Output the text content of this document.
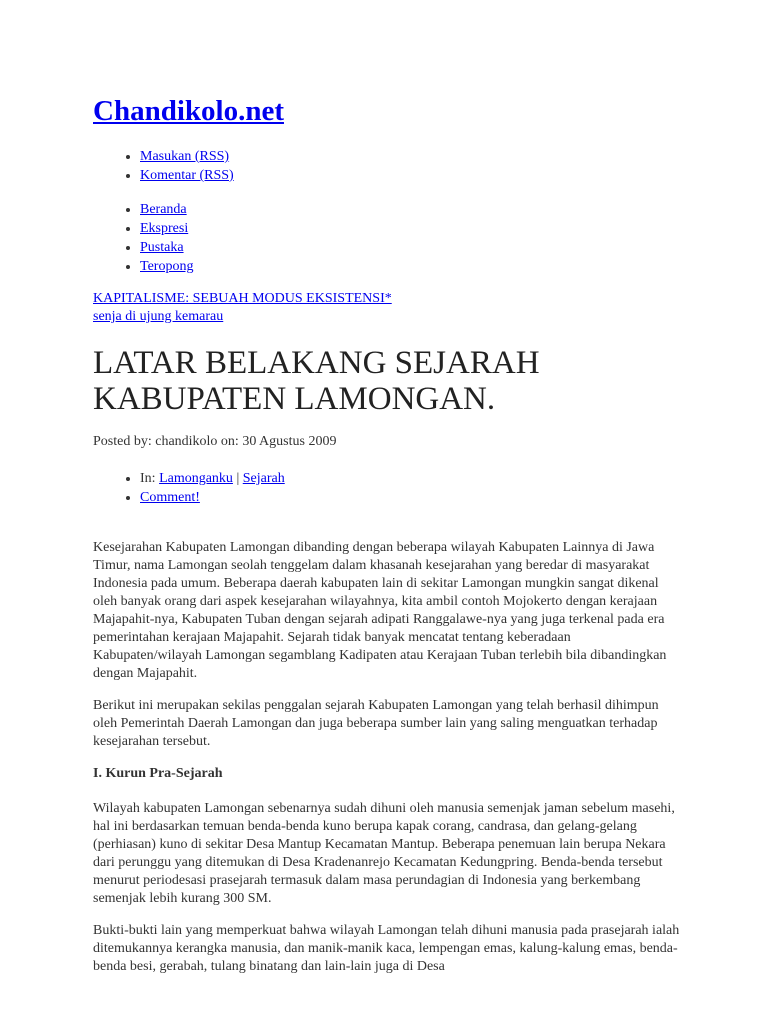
Chandikolo.net
• Masukan (RSS)
• Komentar (RSS)
• Beranda
• Ekspresi
• Pustaka
• Teropong
KAPITALISME: SEBUAH MODUS EKSISTENSI*
senja di ujung kemarau
LATAR BELAKANG SEJARAH
KABUPATEN LAMONGAN.
Posted by: chandikolo on: 30 Agustus 2009
• In: Lamonganku | Sejarah
• Comment!

Kesejarahan Kabupaten Lamongan dibanding dengan beberapa wilayah Kabupaten Lainnya di Jawa Timur, nama Lamongan seolah tenggelam dalam khasanah kesejarahan yang beredar di masyarakat Indonesia pada umum. Beberapa daerah kabupaten lain di sekitar Lamongan mungkin sangat dikenal oleh banyak orang dari aspek kesejarahan wilayahnya, kita ambil contoh Mojokerto dengan kerajaan Majapahit-nya, Kabupaten Tuban dengan sejarah adipati Ranggalawe-nya yang juga terkenal pada era pemerintahan kerajaan Majapahit. Sejarah tidak banyak mencatat tentang keberadaan Kabupaten/wilayah Lamongan segamblang Kadipaten atau Kerajaan Tuban terlebih bila dibandingkan dengan Majapahit.

Berikut ini merupakan sekilas penggalan sejarah Kabupaten Lamongan yang telah berhasil dihimpun oleh Pemerintah Daerah Lamongan dan juga beberapa sumber lain yang saling menguatkan terhadap kesejarahan tersebut.

I. Kurun Pra-Sejarah

Wilayah kabupaten Lamongan sebenarnya sudah dihuni oleh manusia semenjak jaman sebelum masehi, hal ini berdasarkan temuan benda-benda kuno berupa kapak corang, candrasa, dan gelang-gelang (perhiasan) kuno di sekitar Desa Mantup Kecamatan Mantup. Beberapa penemuan lain berupa Nekara dari perunggu yang ditemukan di Desa Kradenanrejo Kecamatan Kedungpring. Benda-benda tersebut menurut periodesasi prasejarah termasuk dalam masa perundagian di Indonesia yang berkembang semenjak lebih kurang 300 SM.

Bukti-bukti lain yang memperkuat bahwa wilayah Lamongan telah dihuni manusia pada prasejarah ialah ditemukannya kerangka manusia, dan manik-manik kaca, lempengan emas, kalung-kalung emas, benda-benda besi, gerabah, tulang binatang dan lain-lain juga di Desa
